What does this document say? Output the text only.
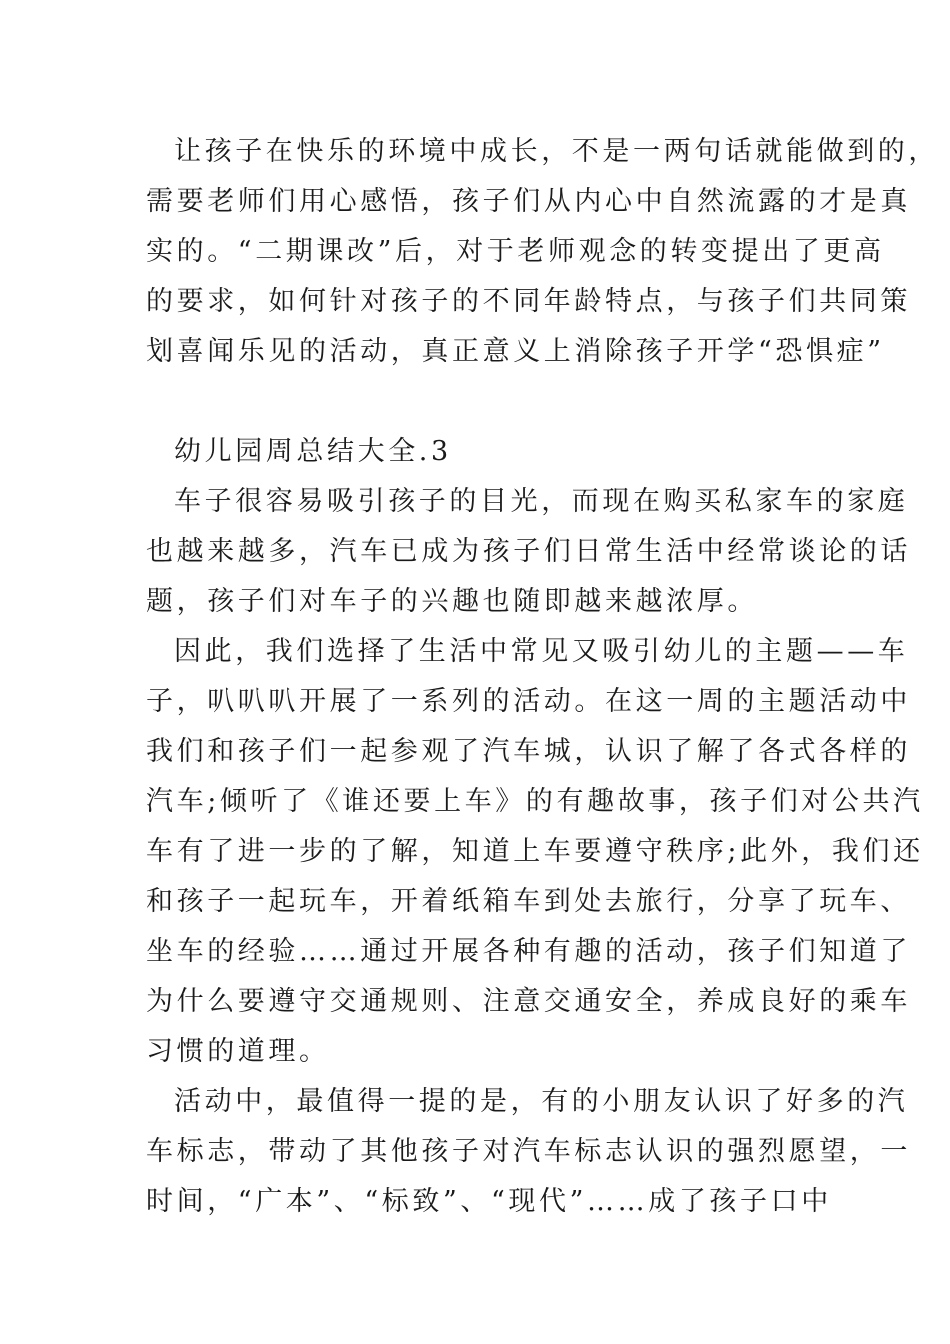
让孩子在快乐的环境中成长，不是一两句话就能做到的，
需要老师们用心感悟，孩子们从内心中自然流露的才是真
实的。“二期课改”后，对于老师观念的转变提出了更高
的要求，如何针对孩子的不同年龄特点，与孩子们共同策
划喜闻乐见的活动，真正意义上消除孩子开学“恐惧症”
幼儿园周总结大全.3
车子很容易吸引孩子的目光，而现在购买私家车的家庭
也越来越多，汽车已成为孩子们日常生活中经常谈论的话
题，孩子们对车子的兴趣也随即越来越浓厚。
因此，我们选择了生活中常见又吸引幼儿的主题——车
子，叭叭叭开展了一系列的活动。在这一周的主题活动中
我们和孩子们一起参观了汽车城，认识了解了各式各样的
汽车;倾听了《谁还要上车》的有趣故事，孩子们对公共汽
车有了进一步的了解，知道上车要遵守秩序;此外，我们还
和孩子一起玩车，开着纸箱车到处去旅行，分享了玩车、
坐车的经验……通过开展各种有趣的活动，孩子们知道了
为什么要遵守交通规则、注意交通安全，养成良好的乘车
习惯的道理。
活动中，最值得一提的是，有的小朋友认识了好多的汽
车标志，带动了其他孩子对汽车标志认识的强烈愿望，一
时间，“广本”、“标致”、“现代”……成了孩子口中
